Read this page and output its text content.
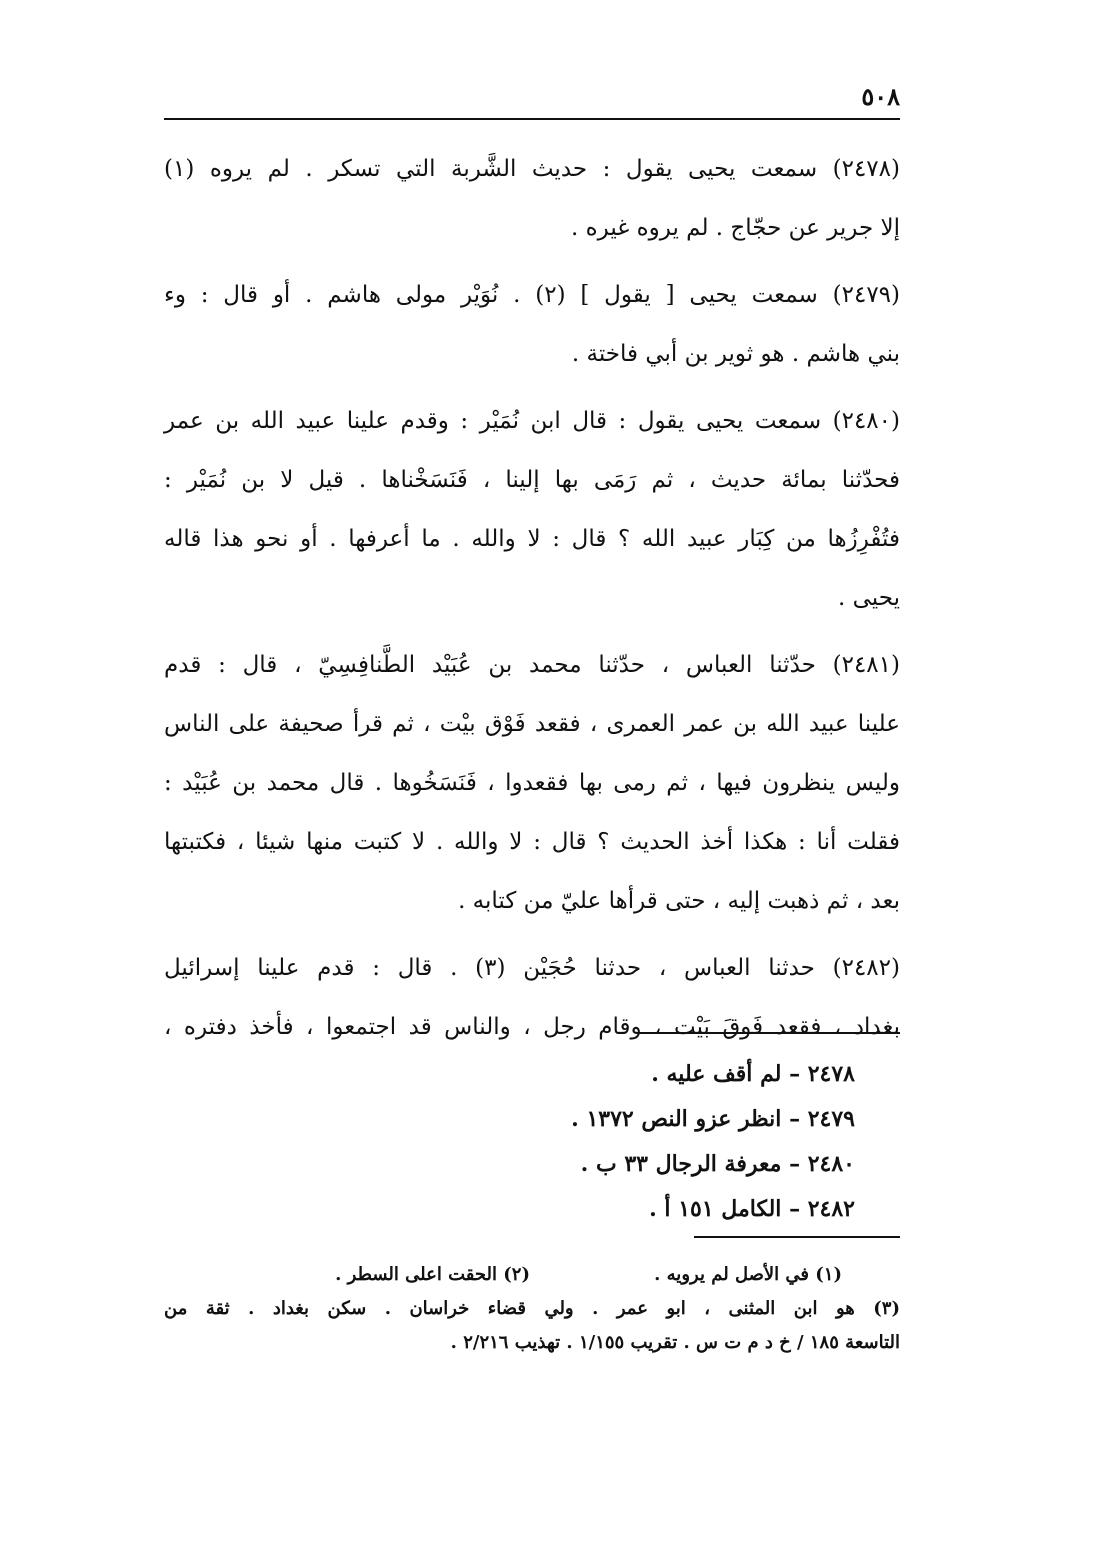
٥٠٨

(٢٤٧٨) سمعت يحيى يقول : حديث الشَّربة التي تسكر . لم يروه (١)
إلا جرير عن حجّاج . لم يروه غيره .

(٢٤٧٩) سمعت يحيى [ يقول ] (٢) . نُوَيْر مولى هاشم . أو قال : وء
بني هاشم . هو ثوير بن أبي فاختة .

(٢٤٨٠) سمعت يحيى يقول : قال ابن نُمَيْر : وقدم علينا عبيد الله بن عمر
فحدّثنا بمائة حديث ، ثم رَمَى بها إلينا ، فَنَسَخْناها . قيل لا بن نُمَيْر :
فتُفْرِزُها من كِبَار عبيد الله ؟ قال : لا والله . ما أعرفها . أو نحو هذا قاله
يحيى .

(٢٤٨١) حدّثنا العباس ، حدّثنا محمد بن عُبَيْد الطَّنافِسِيّ ، قال : قدم
علينا عبيد الله بن عمر العمرى ، فقعد فَوْق بيْت ، ثم قرأ صحيفة على الناس
وليس ينظرون فيها ، ثم رمى بها فقعدوا ، فَنَسَخُوها . قال محمد بن عُبَيْد :
فقلت أنا : هكذا أخذ الحديث ؟ قال : لا والله . لا كتبت منها شيئا ، فكتبتها
بعد ، ثم ذهبت إليه ، حتى قرأها عليّ من كتابه .

(٢٤٨٢) حدثنا العباس ، حدثنا حُجَيْن (٣) . قال : قدم علينا إسرائيل
بغداد ، فقعد فَوقَ بَيْت ، وقام رجل ، والناس قد اجتمعوا ، فأخذ دفتره ،

٢٤٧٨ – لم أقف عليه .
٢٤٧٩ – انظر عزو النص ١٣٧٢ .
٢٤٨٠ – معرفة الرجال ٣٣ ب .
٢٤٨٢ – الكامل ١٥١ أ .
(١) في الأصل لم يرويه .
(٢) الحقت اعلى السطر .
(٣) هو ابن المثنى ، ابو عمر . ولي قضاء خراسان . سكن بغداد . ثقة من
التاسعة ١٨٥ / خ د م ت س . تقريب ١/١٥٥ . تهذيب ٢/٢١٦ .
